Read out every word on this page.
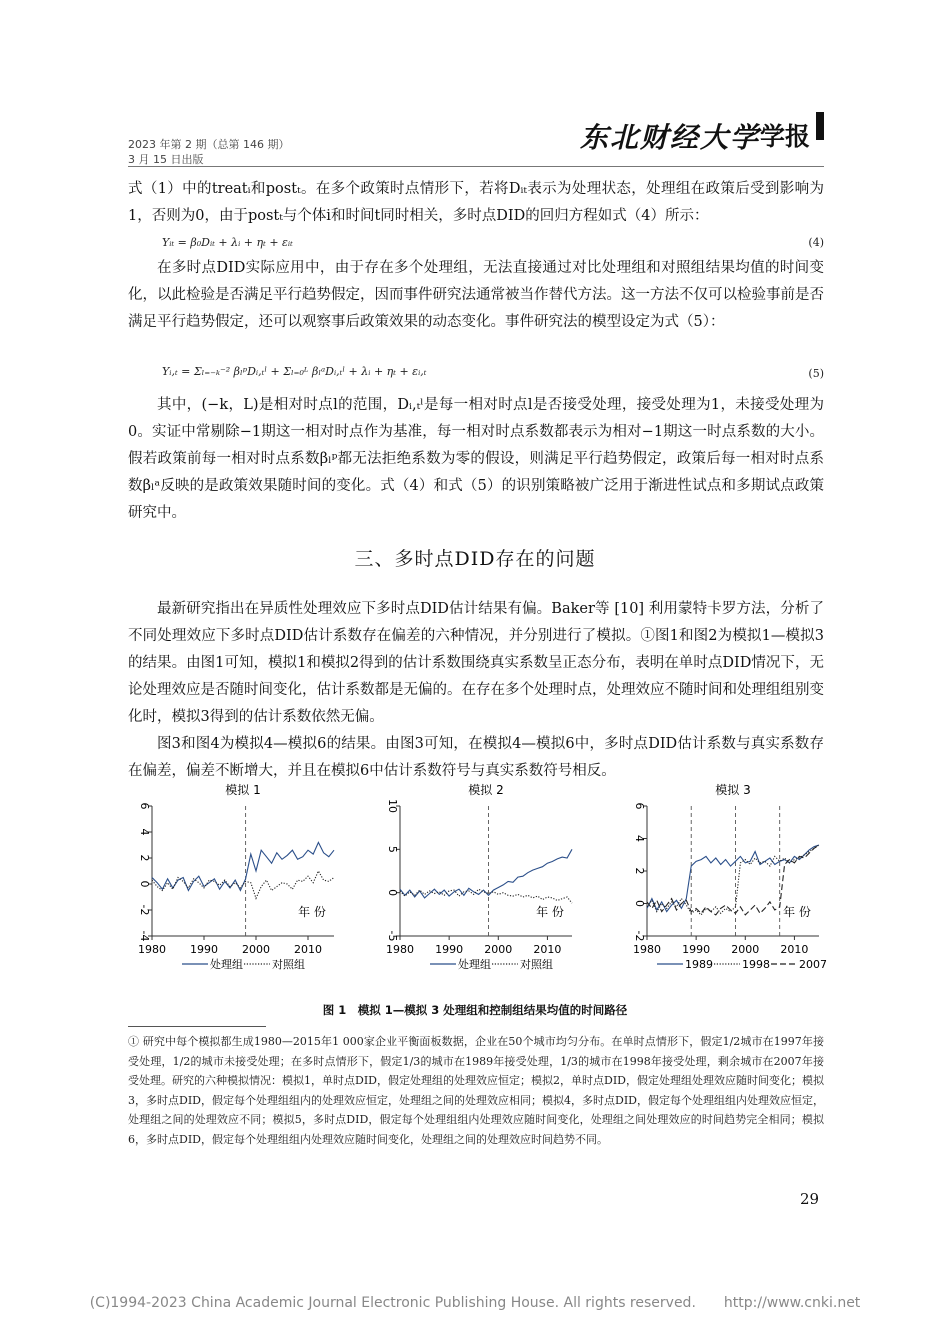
2023 年第 2 期（总第 146 期）
3 月 15 日出版
东北财经大学 学报

式（1）中的treatᵢ和postₜ。在多个政策时点情形下，若将Dᵢₜ表示为处理状态，处理组在政策后受到影响为1，否则为0，由于postₜ与个体i和时间t同时相关，多时点DID的回归方程如式（4）所示：

Yᵢₜ = β₀Dᵢₜ + λᵢ + ηₜ + εᵢₜ	(4)

在多时点DID实际应用中，由于存在多个处理组，无法直接通过对比处理组和对照组结果均值的时间变化，以此检验是否满足平行趋势假定，因而事件研究法通常被当作替代方法。这一方法不仅可以检验事前是否满足平行趋势假定，还可以观察事后政策效果的动态变化。事件研究法的模型设定为式（5）：

Yᵢ,ₜ = Σₗ₌₋ₖ⁻² βₗᵖDᵢ,ₜˡ + Σₗ₌₀ᴸ βₗᵃDᵢ,ₜˡ + λᵢ + ηₜ + εᵢ,ₜ	(5)

其中，(−k，L)是相对时点l的范围，Dᵢ,ₜˡ是每一相对时点l是否接受处理，接受处理为1，未接受处理为0。实证中常剔除−1期这一相对时点作为基准，每一相对时点系数都表示为相对−1期这一时点系数的大小。假若政策前每一相对时点系数βₗᵖ都无法拒绝系数为零的假设，则满足平行趋势假定，政策后每一相对时点系数βₗᵃ反映的是政策效果随时间的变化。式（4）和式（5）的识别策略被广泛用于渐进性试点和多期试点政策研究中。

三、多时点DID存在的问题

最新研究指出在异质性处理效应下多时点DID估计结果有偏。Baker等 [10] 利用蒙特卡罗方法，分析了不同处理效应下多时点DID估计系数存在偏差的六种情况，并分别进行了模拟。①图1和图2为模拟1—模拟3的结果。由图1可知，模拟1和模拟2得到的估计系数围绕真实系数呈正态分布，表明在单时点DID情况下，无论处理效应是否随时间变化，估计系数都是无偏的。在存在多个处理时点，处理效应不随时间和处理组组别变化时，模拟3得到的估计系数依然无偏。

图3和图4为模拟4—模拟6的结果。由图3可知，在模拟4—模拟6中，多时点DID估计系数与真实系数存在偏差，偏差不断增大，并且在模拟6中估计系数符号与真实系数符号相反。

模拟 1
-4
-2
0
2
4
6
1980 1990 2000 2010
年 份
处理组	对照组
模拟 2
-5
0
5
10
1980 1990 2000 2010
年 份
处理组	对照组
模拟 3
-2
0
2
4
6
1980 1990 2000 2010
年 份
1989	1998	2007
图 1　模拟 1—模拟 3 处理组和控制组结果均值的时间路径

① 研究中每个模拟都生成1980—2015年1 000家企业平衡面板数据，企业在50个城市均匀分布。在单时点情形下，假定1/2城市在1997年接受处理，1/2的城市未接受处理；在多时点情形下，假定1/3的城市在1989年接受处理，1/3的城市在1998年接受处理，剩余城市在2007年接受处理。研究的六种模拟情况：模拟1，单时点DID，假定处理组的处理效应恒定；模拟2，单时点DID，假定处理组处理效应随时间变化；模拟3，多时点DID，假定每个处理组组内的处理效应恒定，处理组之间的处理效应相同；模拟4，多时点DID，假定每个处理组组内处理效应恒定，处理组之间的处理效应不同；模拟5，多时点DID，假定每个处理组组内处理效应随时间变化，处理组之间处理效应的时间趋势完全相同；模拟6，多时点DID，假定每个处理组组内处理效应随时间变化，处理组之间的处理效应时间趋势不同。

29
(C)1994-2023 China Academic Journal Electronic Publishing House. All rights reserved.　　http://www.cnki.net
